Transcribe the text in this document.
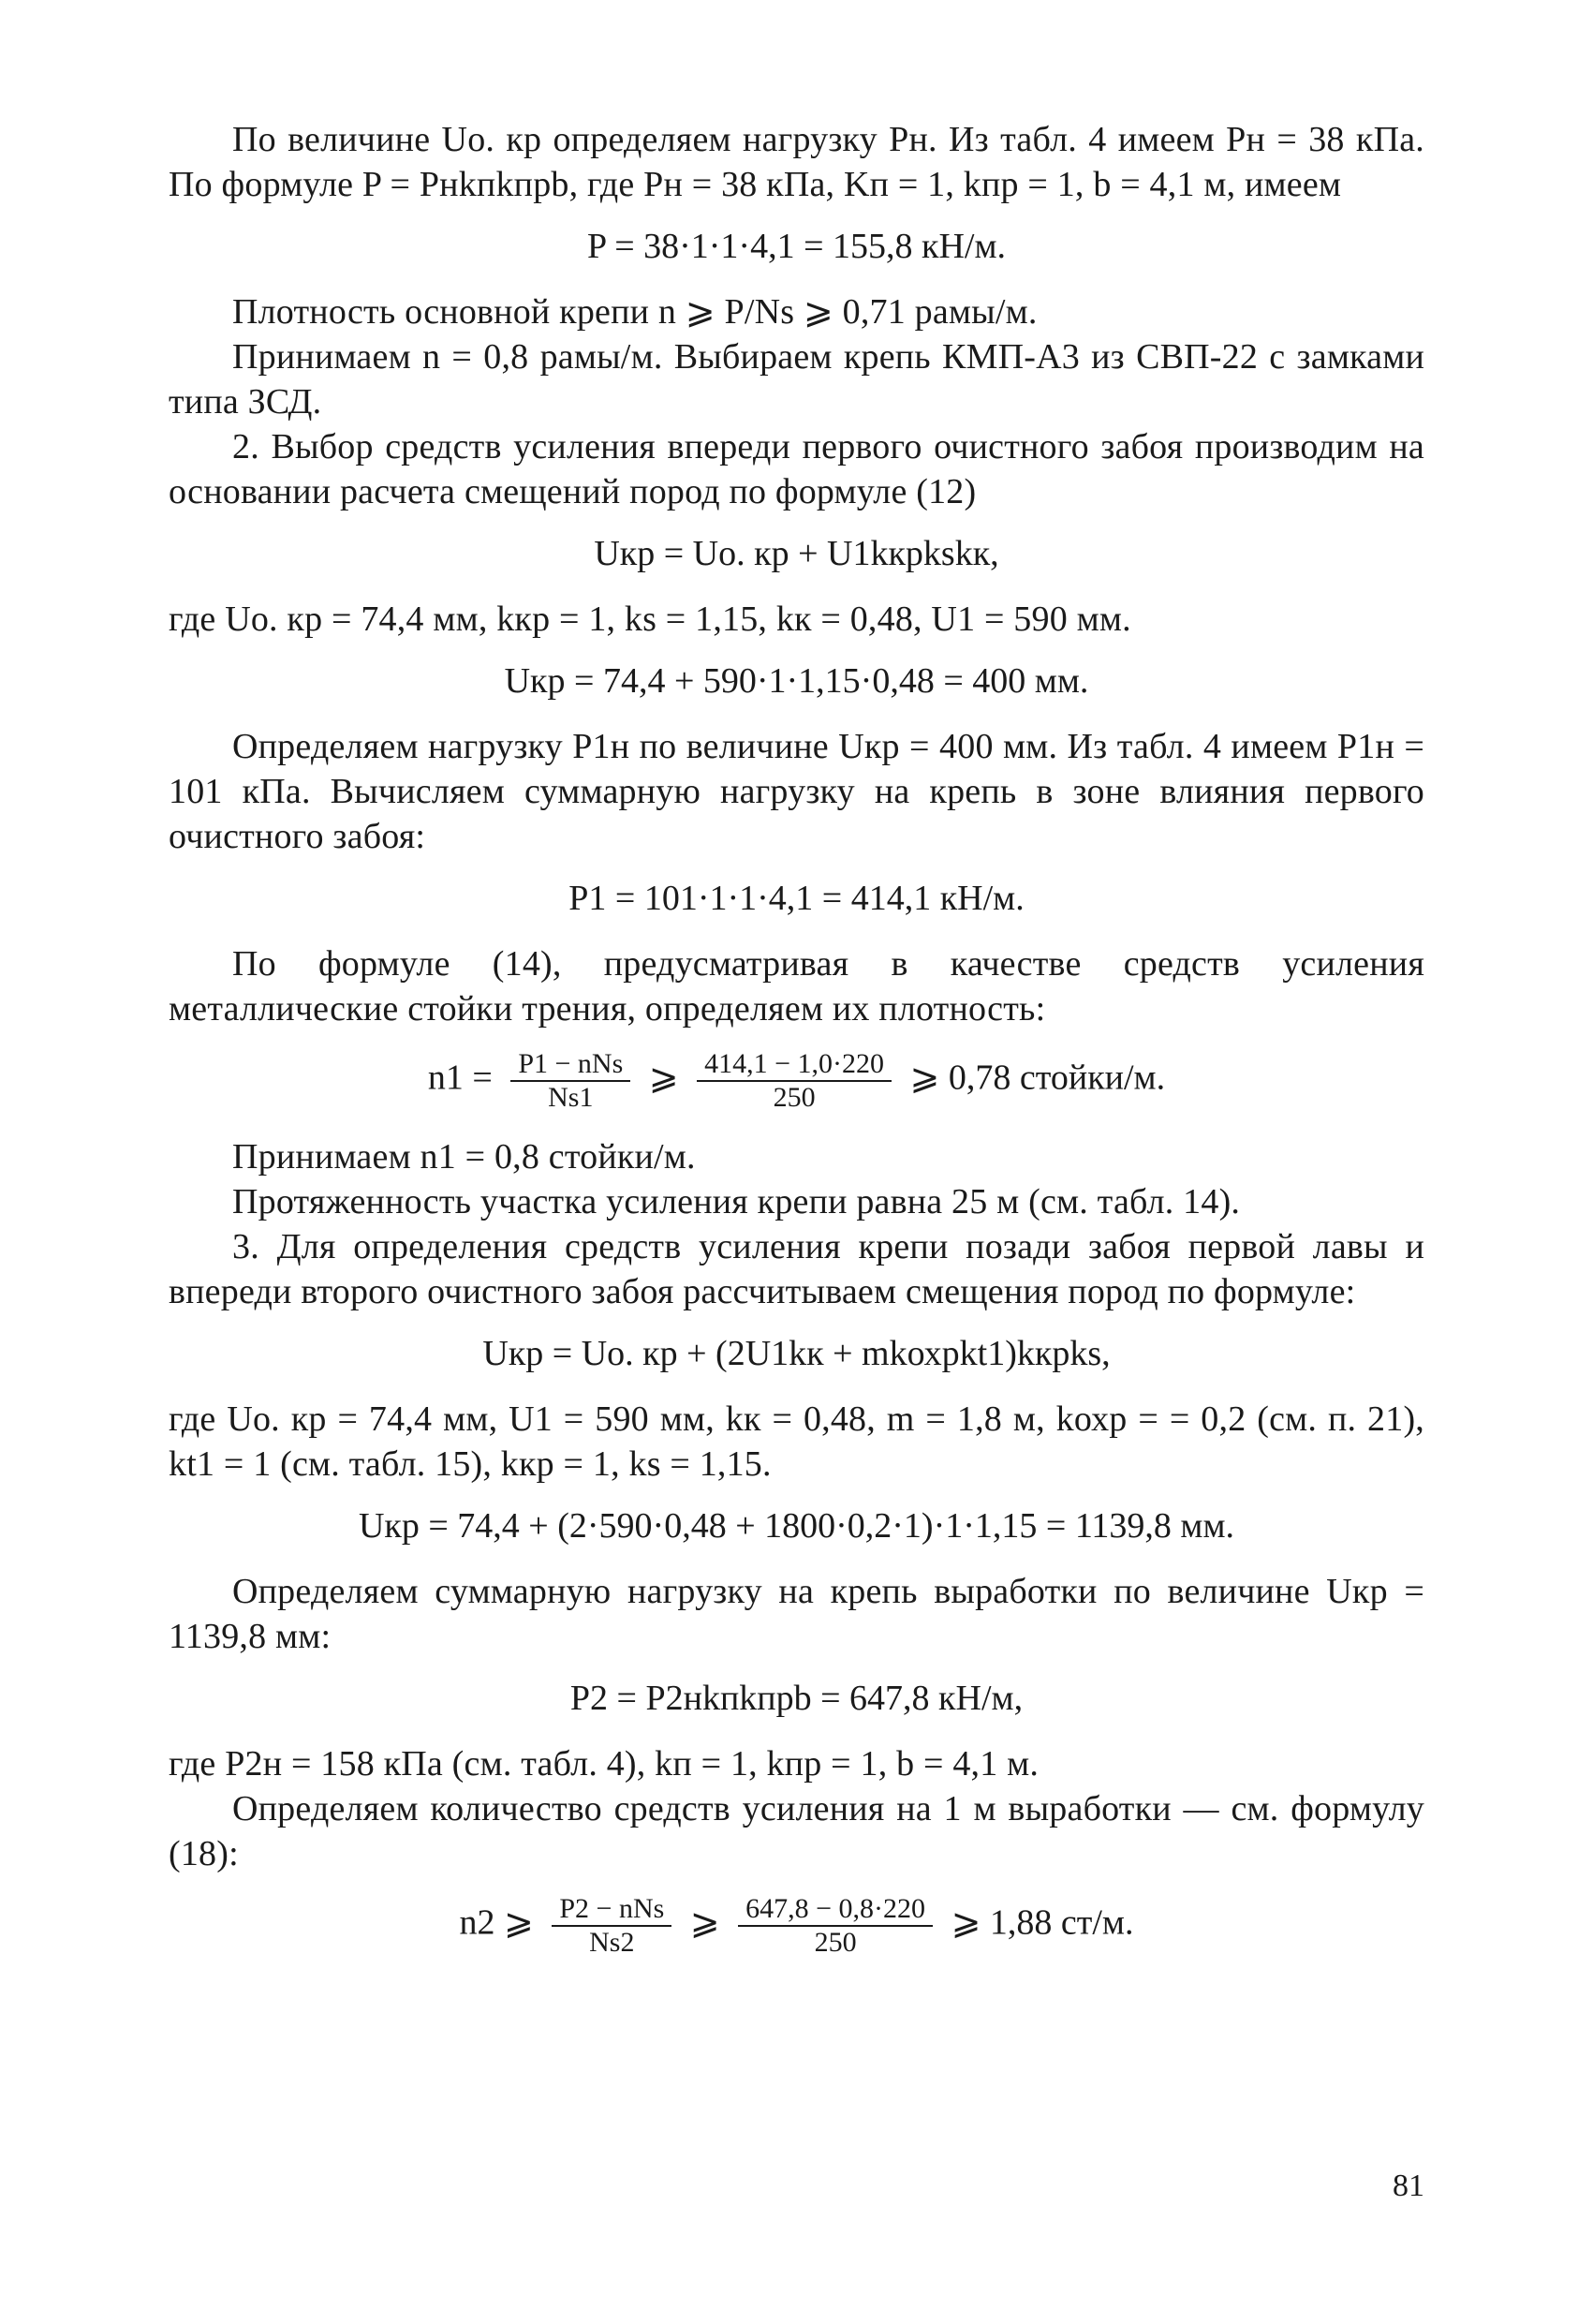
По величине Uо. кр определяем нагрузку Pн. Из табл. 4 имеем Pн = 38 кПа. По формуле P = Pнkпkпрb, где Pн = 38 кПа, Kп = 1, kпр = 1, b = 4,1 м, имеем

P = 38·1·1·4,1 = 155,8 кН/м.

Плотность основной крепи n ⩾ P/Ns ⩾ 0,71 рамы/м.

Принимаем n = 0,8 рамы/м. Выбираем крепь КМП-А3 из СВП-22 с замками типа ЗСД.

2. Выбор средств усиления впереди первого очистного забоя производим на основании расчета смещений пород по формуле (12)

Uкр = Uо. кр + U1kкрkskк,

где Uо. кр = 74,4 мм, kкр = 1, ks = 1,15, kк = 0,48, U1 = 590 мм.

Uкр = 74,4 + 590·1·1,15·0,48 = 400 мм.

Определяем нагрузку P1н по величине Uкр = 400 мм. Из табл. 4 имеем P1н = 101 кПа. Вычисляем суммарную нагрузку на крепь в зоне влияния первого очистного забоя:

P1 = 101·1·1·4,1 = 414,1 кН/м.

По формуле (14), предусматривая в качестве средств усиления металлические стойки трения, определяем их плотность:

$n1 = \frac{\text{P1 − nNs}}{Ns1}$ ⩾ $\frac{414,1 - 1,0\cdot 220}{250}$ ⩾ 0,78 стойки/м.

Принимаем n1 = 0,8 стойки/м.

Протяженность участка усиления крепи равна 25 м (см. табл. 14).

3. Для определения средств усиления крепи позади забоя первой лавы и впереди второго очистного забоя рассчитываем смещения пород по формуле:

Uкр = Uо. кр + (2U1kк + mkохрkt1)kкрks,

где Uо. кр = 74,4 мм, U1 = 590 мм, kк = 0,48, m = 1,8 м, kохр = = 0,2 (см. п. 21), kt1 = 1 (см. табл. 15), kкр = 1, ks = 1,15.

Uкр = 74,4 + (2·590·0,48 + 1800·0,2·1)·1·1,15 = 1139,8 мм.

Определяем суммарную нагрузку на крепь выработки по величине Uкр = 1139,8 мм:

P2 = P2нkпkпрb = 647,8 кН/м,

где P2н = 158 кПа (см. табл. 4), kп = 1, kпр = 1, b = 4,1 м.

Определяем количество средств усиления на 1 м выработки — см. формулу (18):

n2 ⩾ $\frac{\text{P2 − nNs}}{Ns2}$ ⩾ $\frac{647,8 - 0,8\cdot 220}{250}$ ⩾ 1,88 ст/м.
81
